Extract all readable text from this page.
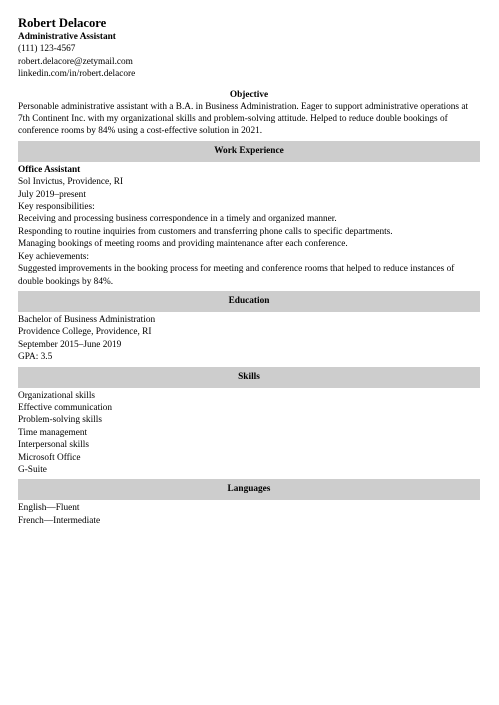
Robert Delacore
Administrative Assistant
(111) 123-4567
robert.delacore@zetymail.com
linkedin.com/in/robert.delacore
Objective

Personable administrative assistant with a B.A. in Business Administration. Eager to support administrative operations at 7th Continent Inc. with my organizational skills and problem-solving attitude. Helped to reduce double bookings of conference rooms by 84% using a cost-effective solution in 2021.

Work Experience
Office Assistant
Sol Invictus, Providence, RI
July 2019–present
Key responsibilities:
Receiving and processing business correspondence in a timely and organized manner.
Responding to routine inquiries from customers and transferring phone calls to specific departments.
Managing bookings of meeting rooms and providing maintenance after each conference.
Key achievements:

Suggested improvements in the booking process for meeting and conference rooms that helped to reduce instances of double bookings by 84%.

Education
Bachelor of Business Administration
Providence College, Providence, RI
September 2015–June 2019
GPA: 3.5
Skills
Organizational skills
Effective communication
Problem-solving skills
Time management
Interpersonal skills
Microsoft Office
G-Suite
Languages
English—Fluent
French—Intermediate
